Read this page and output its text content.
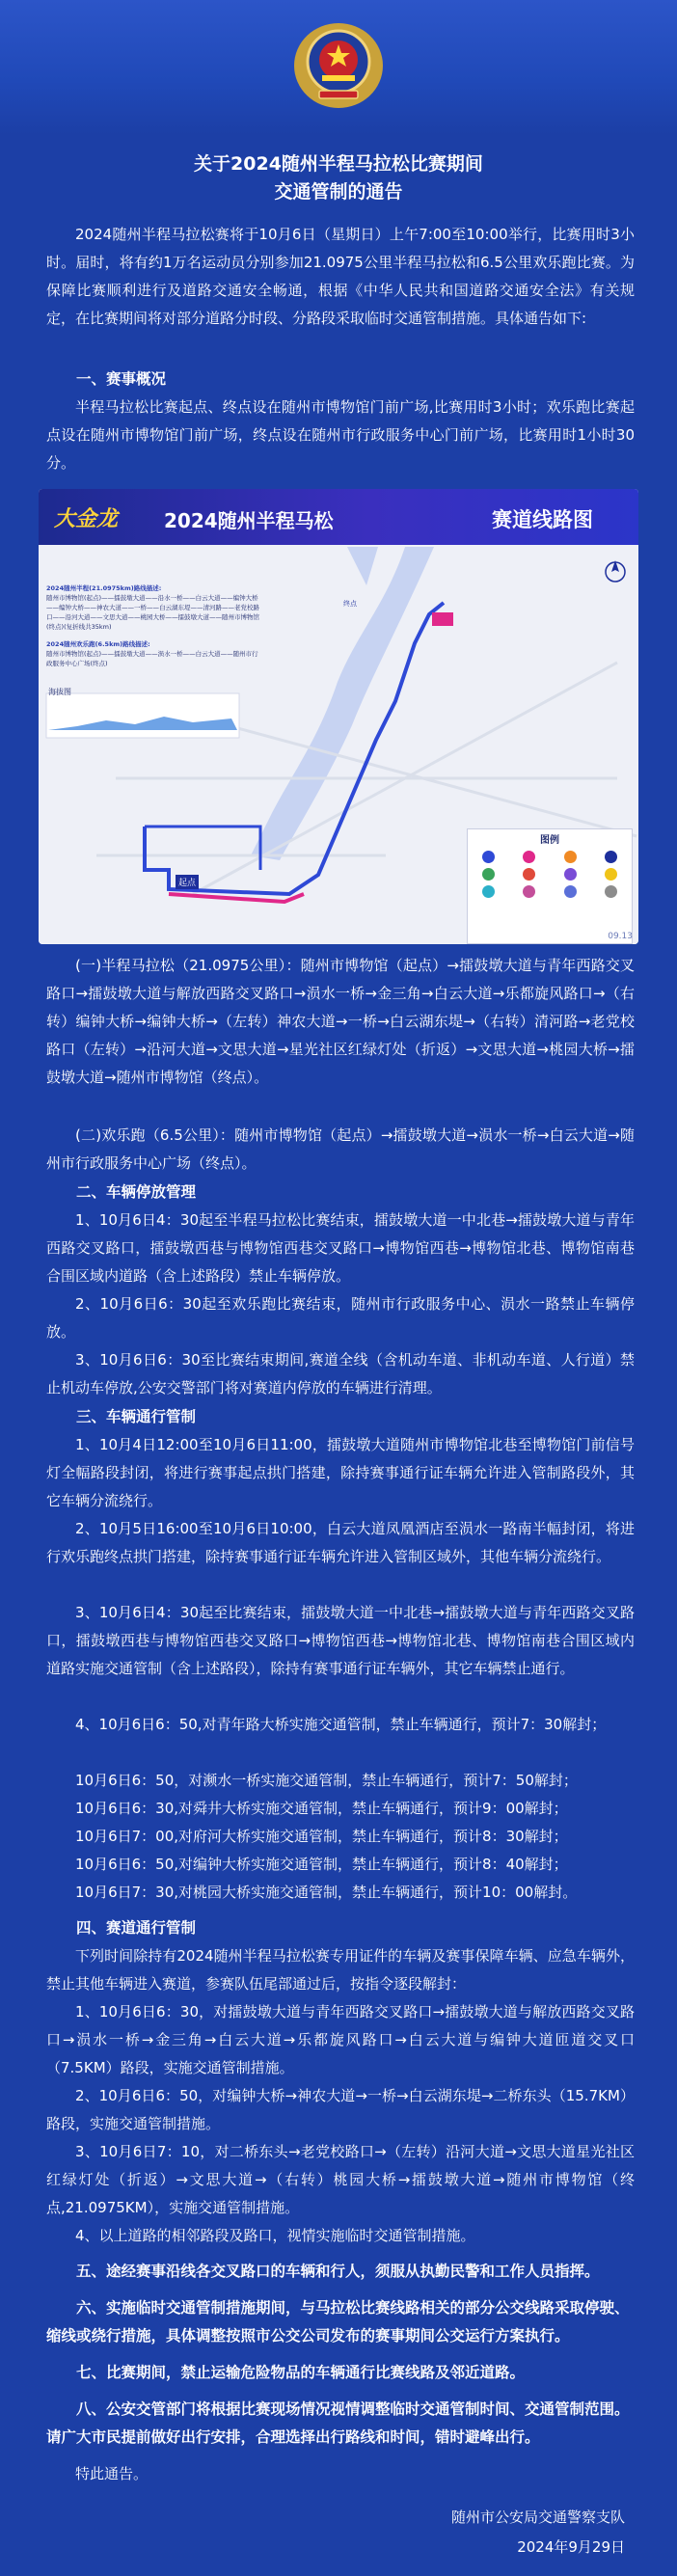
关于2024随州半程马拉松比赛期间
交通管制的通告
2024随州半程马拉松赛将于10月6日（星期日）上午7:00至10:00举行，比赛用时3小时。届时，将有约1万名运动员分别参加21.0975公里半程马拉松和6.5公里欢乐跑比赛。为保障比赛顺利进行及道路交通安全畅通，根据《中华人民共和国道路交通安全法》有关规定，在比赛期间将对部分道路分时段、分路段采取临时交通管制措施。具体通告如下:
一、赛事概况
半程马拉松比赛起点、终点设在随州市博物馆门前广场,比赛用时3小时；欢乐跑比赛起点设在随州市博物馆门前广场，终点设在随州市行政服务中心门前广场，比赛用时1小时30分。
大金龙 2024随州半程马松	赛道线路图
2024随州半程(21.0975km)路线描述:
随州市博物馆(起点)——擂鼓墩大道——沿水一桥——白云大道——编钟大桥——编钟大桥——神农大道——一桥——白云湖东堤——清河路——老党校路口——沿河大道——文思大道——桃园大桥——擂鼓墩大道——随州市博物馆(终点)(复折线共35km)
2024随州欢乐跑(6.5km)路线描述:
随州市博物馆(起点)——擂鼓墩大道——涢水一桥——白云大道——随州市行政服务中心广场(终点)
海拔图
起点
终点
图例
09.13
(一)半程马拉松（21.0975公里）：随州市博物馆（起点）→擂鼓墩大道与青年西路交叉路口→擂鼓墩大道与解放西路交叉路口→涢水一桥→金三角→白云大道→乐都旋风路口→（右转）编钟大桥→编钟大桥→（左转）神农大道→一桥→白云湖东堤→（右转）清河路→老党校路口（左转）→沿河大道→文思大道→星光社区红绿灯处（折返）→文思大道→桃园大桥→擂鼓墩大道→随州市博物馆（终点）。
(二)欢乐跑（6.5公里）：随州市博物馆（起点）→擂鼓墩大道→涢水一桥→白云大道→随州市行政服务中心广场（终点）。
二、车辆停放管理
1、10月6日4：30起至半程马拉松比赛结束，擂鼓墩大道一中北巷→擂鼓墩大道与青年西路交叉路口，擂鼓墩西巷与博物馆西巷交叉路口→博物馆西巷→博物馆北巷、博物馆南巷合围区域内道路（含上述路段）禁止车辆停放。
2、10月6日6：30起至欢乐跑比赛结束，随州市行政服务中心、涢水一路禁止车辆停放。
3、10月6日6：30至比赛结束期间,赛道全线（含机动车道、非机动车道、人行道）禁止机动车停放,公安交警部门将对赛道内停放的车辆进行清理。
三、车辆通行管制
1、10月4日12:00至10月6日11:00，擂鼓墩大道随州市博物馆北巷至博物馆门前信号灯全幅路段封闭，将进行赛事起点拱门搭建，除持赛事通行证车辆允许进入管制路段外，其它车辆分流绕行。
2、10月5日16:00至10月6日10:00，白云大道凤凰酒店至涢水一路南半幅封闭，将进行欢乐跑终点拱门搭建，除持赛事通行证车辆允许进入管制区域外，其他车辆分流绕行。
3、10月6日4：30起至比赛结束，擂鼓墩大道一中北巷→擂鼓墩大道与青年西路交叉路口，擂鼓墩西巷与博物馆西巷交叉路口→博物馆西巷→博物馆北巷、博物馆南巷合围区域内道路实施交通管制（含上述路段），除持有赛事通行证车辆外，其它车辆禁止通行。
4、10月6日6：50,对青年路大桥实施交通管制，禁止车辆通行，预计7：30解封；
10月6日6：50，对濒水一桥实施交通管制，禁止车辆通行，预计7：50解封；
10月6日6：30,对舜井大桥实施交通管制，禁止车辆通行，预计9：00解封；
10月6日7：00,对府河大桥实施交通管制，禁止车辆通行，预计8：30解封；
10月6日6：50,对编钟大桥实施交通管制，禁止车辆通行，预计8：40解封；
10月6日7：30,对桃园大桥实施交通管制，禁止车辆通行，预计10：00解封。
四、赛道通行管制
下列时间除持有2024随州半程马拉松赛专用证件的车辆及赛事保障车辆、应急车辆外，禁止其他车辆进入赛道，参赛队伍尾部通过后，按指令逐段解封：
1、10月6日6：30，对擂鼓墩大道与青年西路交叉路口→擂鼓墩大道与解放西路交叉路口→涢水一桥→金三角→白云大道→乐都旋风路口→白云大道与编钟大道匝道交叉口（7.5KM）路段，实施交通管制措施。
2、10月6日6：50，对编钟大桥→神农大道→一桥→白云湖东堤→二桥东头（15.7KM）路段，实施交通管制措施。
3、10月6日7：10，对二桥东头→老党校路口→（左转）沿河大道→文思大道星光社区红绿灯处（折返）→文思大道→（右转）桃园大桥→擂鼓墩大道→随州市博物馆（终点,21.0975KM），实施交通管制措施。
4、以上道路的相邻路段及路口，视情实施临时交通管制措施。
五、途经赛事沿线各交叉路口的车辆和行人，须服从执勤民警和工作人员指挥。
六、实施临时交通管制措施期间，与马拉松比赛线路相关的部分公交线路采取停驶、缩线或绕行措施，具体调整按照市公交公司发布的赛事期间公交运行方案执行。
七、比赛期间，禁止运输危险物品的车辆通行比赛线路及邻近道路。
八、公安交管部门将根据比赛现场情况视情调整临时交通管制时间、交通管制范围。请广大市民提前做好出行安排，合理选择出行路线和时间，错时避峰出行。
特此通告。
随州市公安局交通警察支队
2024年9月29日
